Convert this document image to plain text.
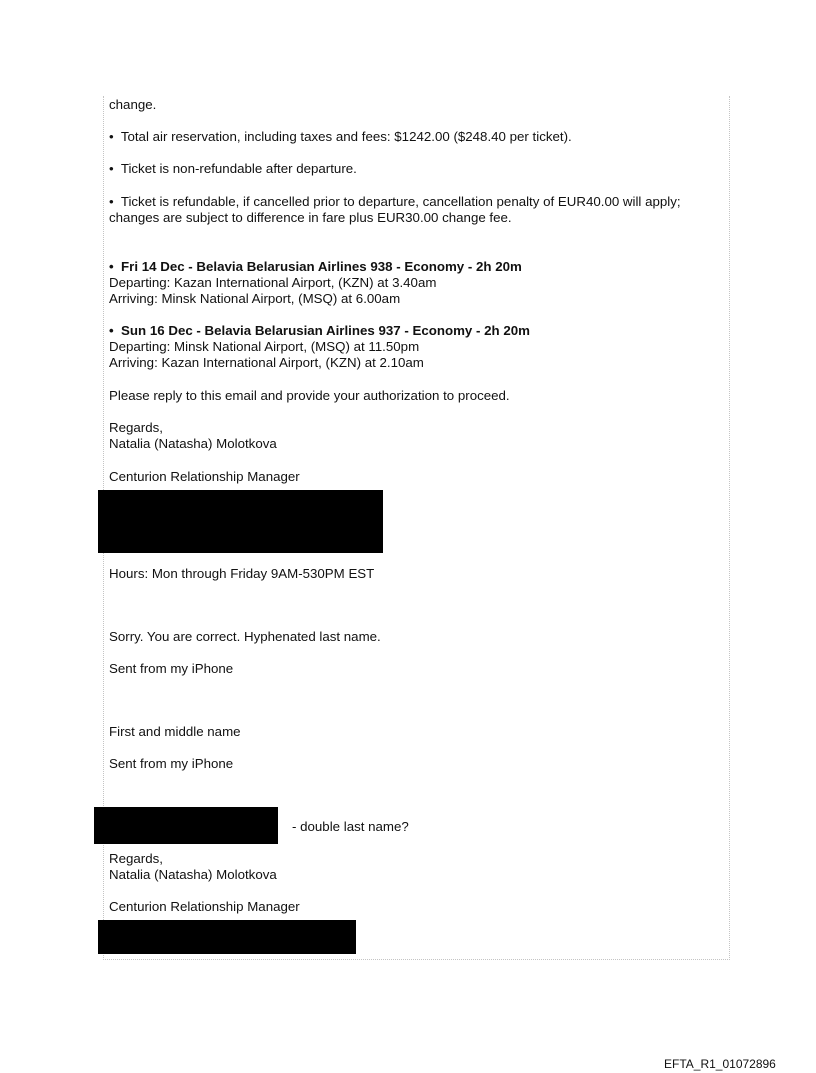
change.
• Total air reservation, including taxes and fees: $1242.00 ($248.40 per ticket).
• Ticket is non-refundable after departure.
• Ticket is refundable, if cancelled prior to departure, cancellation penalty of EUR40.00 will apply;
changes are subject to difference in fare plus EUR30.00 change fee.
• Fri 14 Dec - Belavia Belarusian Airlines 938 - Economy - 2h 20m
Departing: Kazan International Airport, (KZN) at 3.40am
Arriving: Minsk National Airport, (MSQ) at 6.00am
• Sun 16 Dec - Belavia Belarusian Airlines 937 - Economy - 2h 20m
Departing: Minsk National Airport, (MSQ) at 11.50pm
Arriving: Kazan International Airport, (KZN) at 2.10am
Please reply to this email and provide your authorization to proceed.
Regards,
Natalia (Natasha) Molotkova
Centurion Relationship Manager
Hours: Mon through Friday 9AM-530PM EST
Sorry. You are correct. Hyphenated last name.
Sent from my iPhone
First and middle name
Sent from my iPhone
- double last name?
Regards,
Natalia (Natasha) Molotkova
Centurion Relationship Manager
EFTA_R1_01072896
